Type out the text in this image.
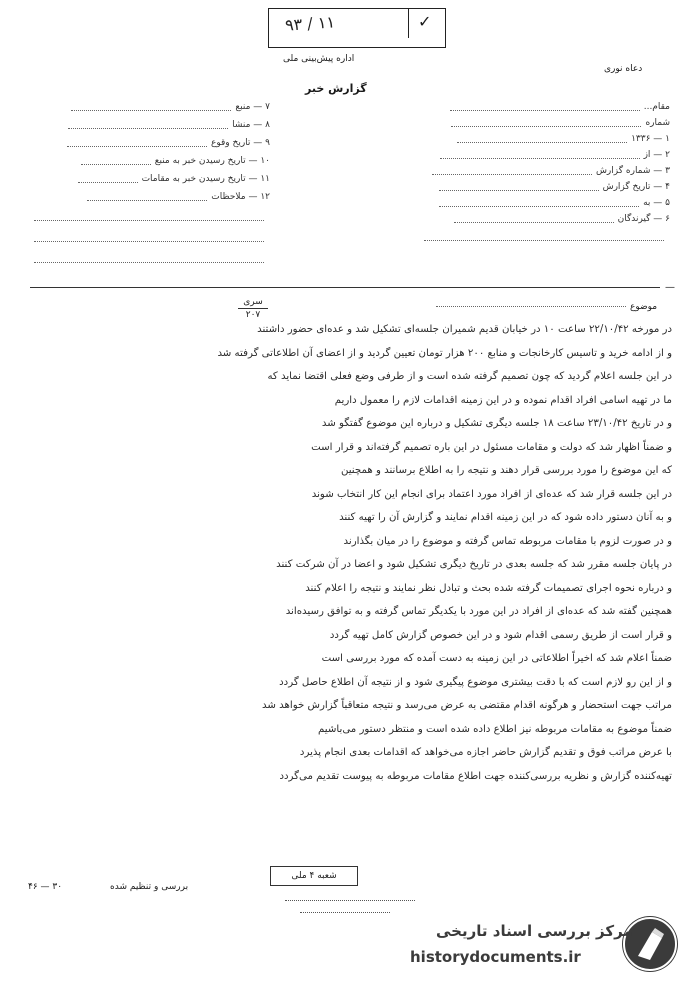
۹۳ / ۱۱	✓
اداره پیش‌بینی ملی
دعاه نوری
گزارش خبر
۷ — منبع
۸ — منشا
۹ — تاریخ وقوع
۱۰ — تاریخ رسیدن خبر به منبع
۱۱ — تاریخ رسیدن خبر به مقامات
۱۲ — ملاحظات
مقام...
شماره
۱ — ۱۳۳۶
۲ — از
۳ — شماره گزارش
۴ — تاریخ گزارش
۵ — به
۶ — گیرندگان
—
موضوع
سری
۲۰۷
در مورخه ۲۲/۱۰/۴۲ ساعت ۱۰ در خیابان قدیم شمیران جلسه‌ای تشکیل شد و عده‌ای حضور داشتند
و از ادامه خرید و تاسیس کارخانجات و منابع ۲۰۰ هزار تومان تعیین گردید و از اعضای آن اطلاعاتی گرفته شد
در این جلسه اعلام گردید که چون تصمیم گرفته شده است و از طرفی وضع فعلی اقتضا نماید که
ما در تهیه اسامی افراد اقدام نموده و در این زمینه اقدامات لازم را معمول داریم
و در تاریخ ۲۳/۱۰/۴۲ ساعت ۱۸ جلسه دیگری تشکیل و درباره این موضوع گفتگو شد
و ضمناً اظهار شد که دولت و مقامات مسئول در این باره تصمیم گرفته‌اند و قرار است
که این موضوع را مورد بررسی قرار دهند و نتیجه را به اطلاع برسانند و همچنین
در این جلسه قرار شد که عده‌ای از افراد مورد اعتماد برای انجام این کار انتخاب شوند
و به آنان دستور داده شود که در این زمینه اقدام نمایند و گزارش آن را تهیه کنند
و در صورت لزوم با مقامات مربوطه تماس گرفته و موضوع را در میان بگذارند
در پایان جلسه مقرر شد که جلسه بعدی در تاریخ دیگری تشکیل شود و اعضا در آن شرکت کنند
و درباره نحوه اجرای تصمیمات گرفته شده بحث و تبادل نظر نمایند و نتیجه را اعلام کنند
همچنین گفته شد که عده‌ای از افراد در این مورد با یکدیگر تماس گرفته و به توافق رسیده‌اند
و قرار است از طریق رسمی اقدام شود و در این خصوص گزارش کامل تهیه گردد
ضمناً اعلام شد که اخیراً اطلاعاتی در این زمینه به دست آمده که مورد بررسی است
و از این رو لازم است که با دقت بیشتری موضوع پیگیری شود و از نتیجه آن اطلاع حاصل گردد
مراتب جهت استحضار و هرگونه اقدام مقتضی به عرض می‌رسد و نتیجه متعاقباً گزارش خواهد شد
ضمناً موضوع به مقامات مربوطه نیز اطلاع داده شده است و منتظر دستور می‌باشیم
با عرض مراتب فوق و تقدیم گزارش حاضر اجازه می‌خواهد که اقدامات بعدی انجام پذیرد
تهیه‌کننده گزارش و نظریه بررسی‌کننده جهت اطلاع مقامات مربوطه به پیوست تقدیم می‌گردد
شعبه ۴ ملی
بررسی و تنظیم شده
۳۰ — ۴۶
مرکز بررسی اسناد تاریخی
historydocuments.ir
